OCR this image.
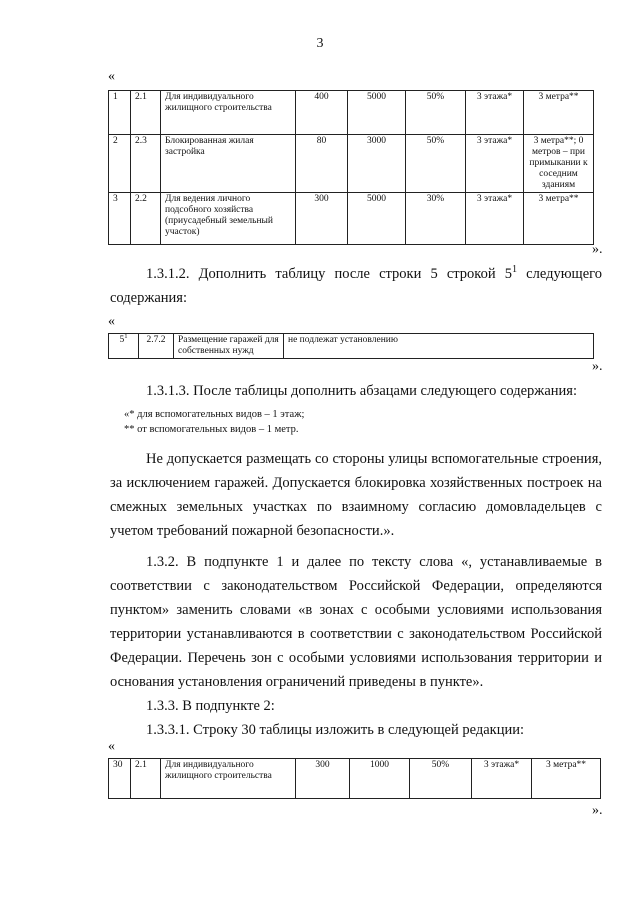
3
«
1	2.1	Для индивидуального жилищного строительства	400	5000	50%	3 этажа*	3 метра**
2	2.3	Блокированная жилая застройка	80	3000	50%	3 этажа*	3 метра**; 0 метров – при примыкании к соседним зданиям
3	2.2	Для ведения личного подсобного хозяйства (приусадебный земельный участок)	300	5000	30%	3 этажа*	3 метра**
».
1.3.1.2. Дополнить таблицу после строки 5 строкой $5^1$ следующего содержания:
«
$5^1$	2.7.2	Размещение гаражей для собственных нужд	не подлежат установлению
».
1.3.1.3. После таблицы дополнить абзацами следующего содержания:
«* для вспомогательных видов – 1 этаж;
** от вспомогательных видов – 1 метр.
Не допускается размещать со стороны улицы вспомогательные строения, за исключением гаражей. Допускается блокировка хозяйственных построек на смежных земельных участках по взаимному согласию домовладельцев с учетом требований пожарной безопасности.».
1.3.2. В подпункте 1 и далее по тексту слова «, устанавливаемые в соответствии с законодательством Российской Федерации, определяются пунктом» заменить словами «в зонах с особыми условиями использования территории устанавливаются в соответствии с законодательством Российской Федерации. Перечень зон с особыми условиями использования территории и основания установления ограничений приведены в пункте».
1.3.3. В подпункте 2:
1.3.3.1. Строку 30 таблицы изложить в следующей редакции:
«
30	2.1	Для индивидуального жилищного строительства	300	1000	50%	3 этажа*	3 метра**
».
